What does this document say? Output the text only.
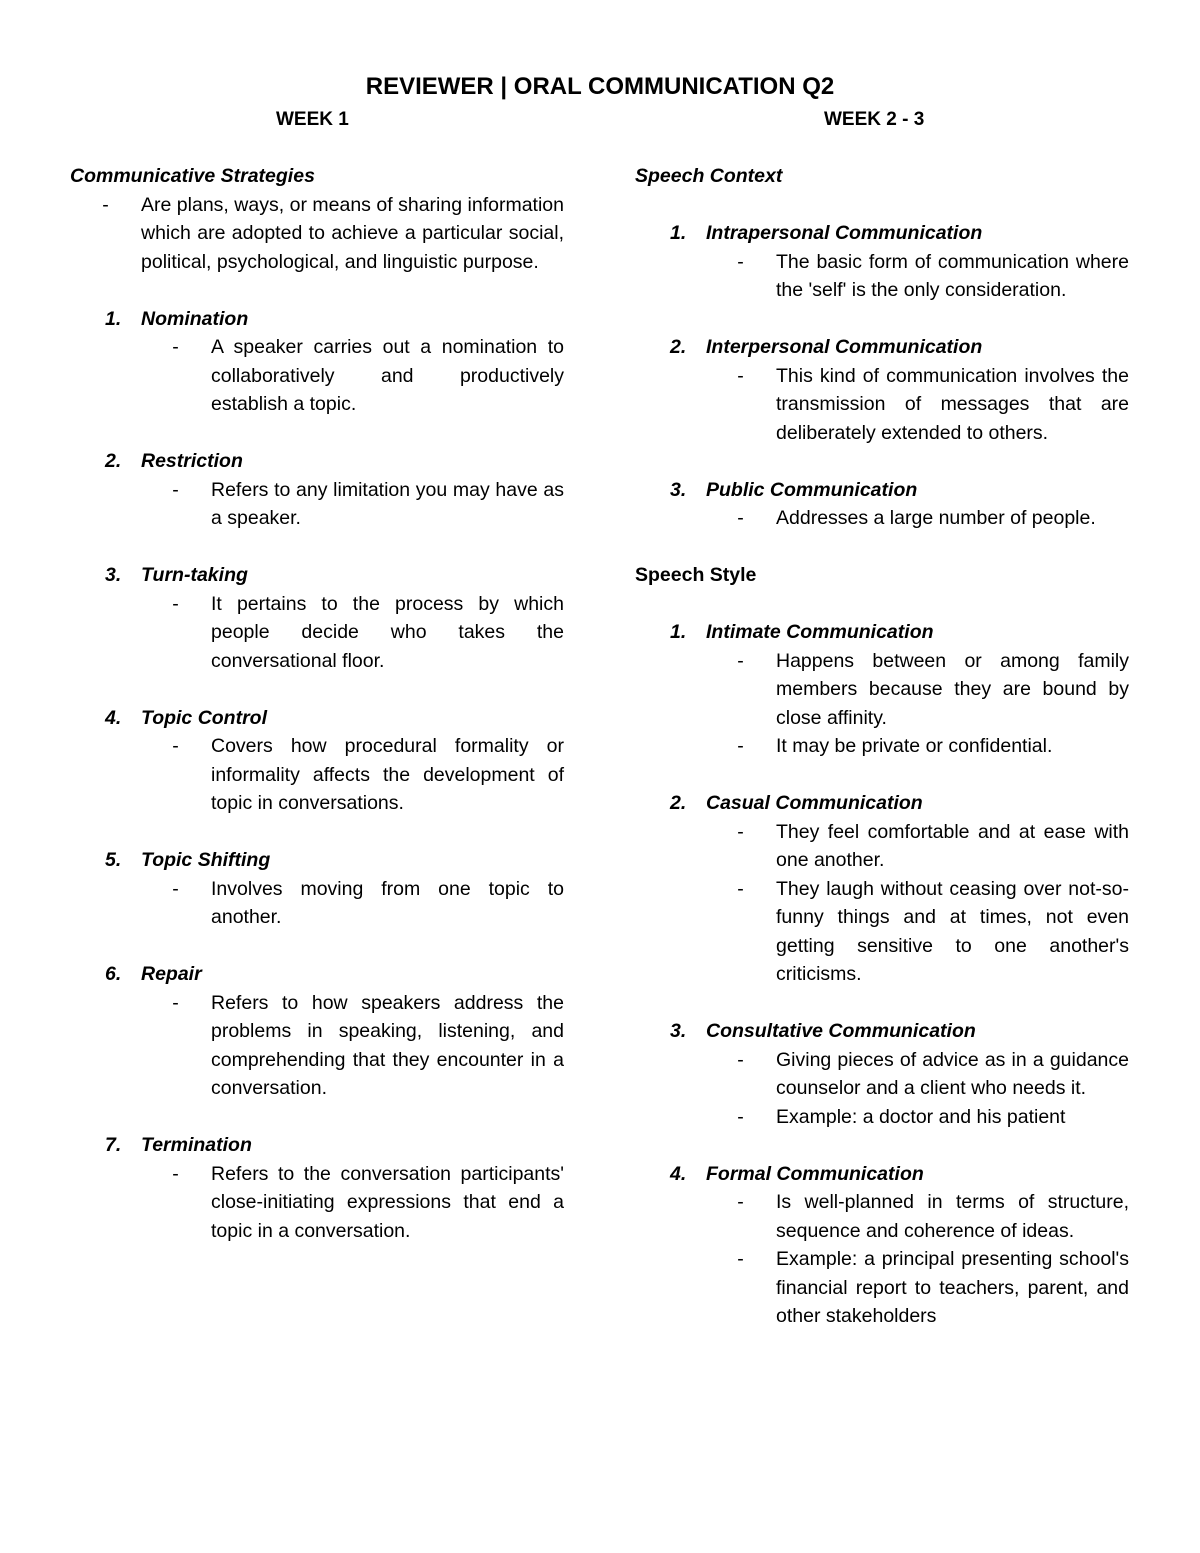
REVIEWER | ORAL COMMUNICATION Q2
WEEK 1	WEEK 2 - 3
Communicative Strategies
-	Are plans, ways, or means of sharing information which are adopted to achieve a particular social, political, psychological, and linguistic purpose.
1.	Nomination
-	A speaker carries out a nomination to collaboratively and productively establish a topic.
2.	Restriction
-	Refers to any limitation you may have as a speaker.
3.	Turn-taking
-	It pertains to the process by which people decide who takes the conversational floor.
4.	Topic Control
-	Covers how procedural formality or informality affects the development of topic in conversations.
5.	Topic Shifting
-	Involves moving from one topic to another.
6.	Repair
-	Refers to how speakers address the problems in speaking, listening, and comprehending that they encounter in a conversation.
7.	Termination
-	Refers to the conversation participants' close-initiating expressions that end a topic in a conversation.
Speech Context
1.	Intrapersonal Communication
-	The basic form of communication where the 'self' is the only consideration.
2.	Interpersonal Communication
-	This kind of communication involves the transmission of messages that are deliberately extended to others.
3.	Public Communication
-	Addresses a large number of people.
Speech Style
1.	Intimate Communication
-	Happens between or among family members because they are bound by close affinity.
-	It may be private or confidential.
2.	Casual Communication
-	They feel comfortable and at ease with one another.
-	They laugh without ceasing over not-so-funny things and at times, not even getting sensitive to one another's criticisms.
3.	Consultative Communication
-	Giving pieces of advice as in a guidance counselor and a client who needs it.
-	Example: a doctor and his patient
4.	Formal Communication
-	Is well-planned in terms of structure, sequence and coherence of ideas.
-	Example: a principal presenting school's financial report to teachers, parent, and other stakeholders
